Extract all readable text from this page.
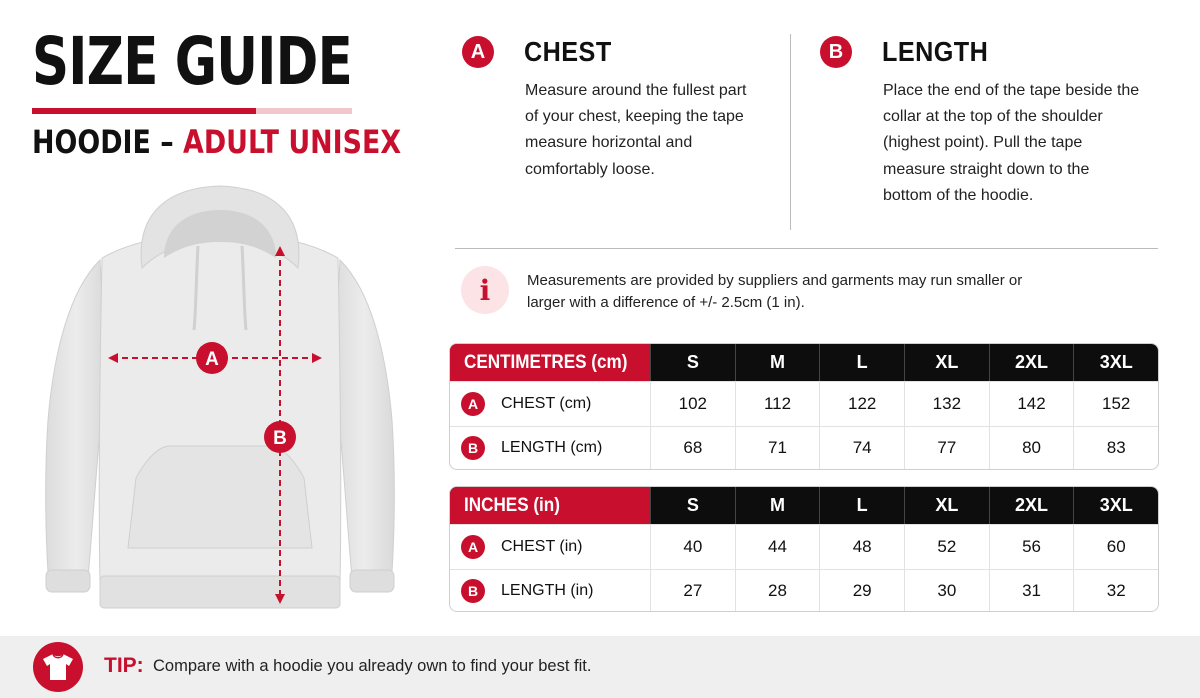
SIZE GUIDE
HOODIE – ADULT UNISEX
A
B
A	CHEST
Measure around the fullest part of your chest, keeping the tape measure horizontal and comfortably loose.
B	LENGTH
Place the end of the tape beside the collar at the top of the shoulder (highest point). Pull the tape measure straight down to the bottom of the hoodie.
i	Measurements are provided by suppliers and garments may run smaller or larger with a difference of +/- 2.5cm (1 in).
CENTIMETRES (cm)	S	M	L	XL	2XL	3XL
A	CHEST (cm)	102	112	122	132	142	152
B	LENGTH (cm)	68	71	74	77	80	83
INCHES (in)	S	M	L	XL	2XL	3XL
A	CHEST (in)	40	44	48	52	56	60
B	LENGTH (in)	27	28	29	30	31	32
TIP: Compare with a hoodie you already own to find your best fit.
